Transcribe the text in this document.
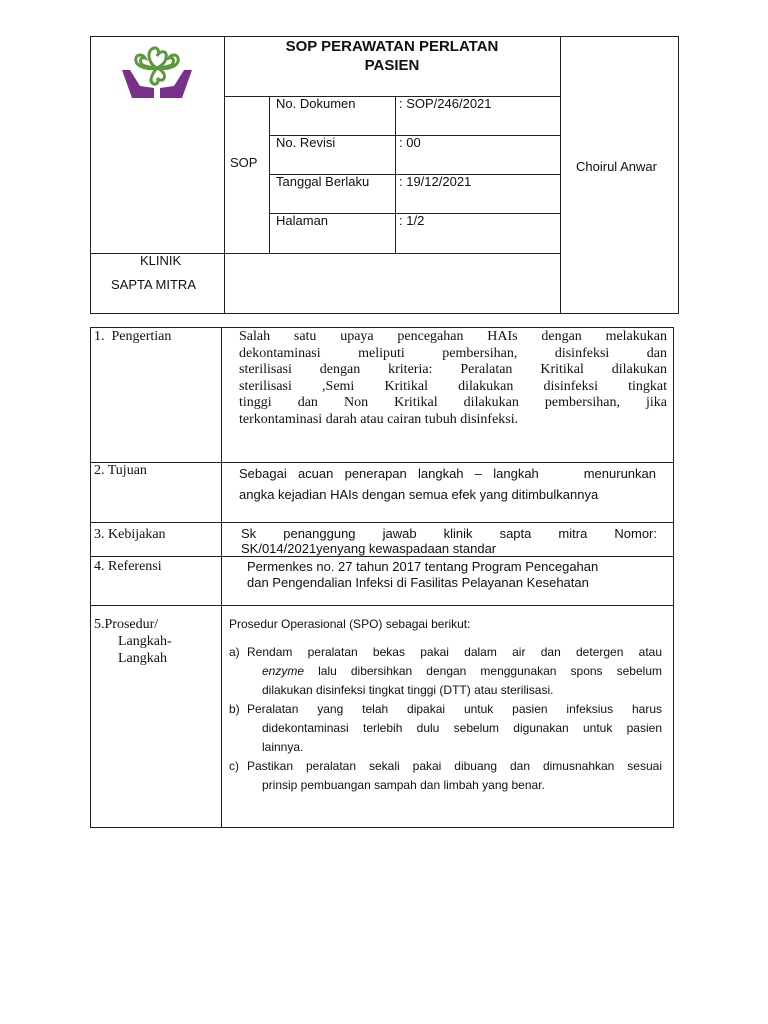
SOP PERAWATAN PERLATAN
PASIEN
SOP	Choirul Anwar
KLINIK
SAPTA MITRA
No. Dokumen	: SOP/246/2021
No. Revisi	: 00
Tanggal Berlaku : 19/12/2021
Halaman	: 1/2
1.  Pengertian	Salah satu upaya pencegahan HAIs dengan melakukan
dekontaminasi meliputi pembersihan, disinfeksi dan
sterilisasi dengan kriteria: Peralatan Kritikal dilakukan
sterilisasi ,Semi Kritikal dilakukan disinfeksi tingkat
tinggi dan Non Kritikal dilakukan pembersihan, jika
terkontaminasi darah atau cairan tubuh disinfeksi.
2. Tujuan	Sebagai acuan penerapan langkah – langkah    menurunkan
angka kejadian HAIs dengan semua efek yang ditimbulkannya
3. Kebijakan	Sk    penanggung    jawab    klinik    sapta    mitra    Nomor:
SK/014/2021yenyang kewaspadaan standar
4. Referensi	Permenkes no. 27 tahun 2017 tentang Program Pencegahan
dan Pengendalian Infeksi di Fasilitas Pelayanan Kesehatan
5.Prosedur/
Langkah-
Langkah
Prosedur Operasional (SPO) sebagai berikut:
a) Rendam peralatan bekas pakai dalam air dan detergen atau
enzyme lalu dibersihkan dengan menggunakan spons sebelum
dilakukan disinfeksi tingkat tinggi (DTT) atau sterilisasi.
b) Peralatan yang telah dipakai untuk pasien infeksius harus
didekontaminasi terlebih dulu sebelum digunakan untuk pasien
lainnya.
c) Pastikan peralatan sekali pakai dibuang dan dimusnahkan sesuai
prinsip pembuangan sampah dan limbah yang benar.
